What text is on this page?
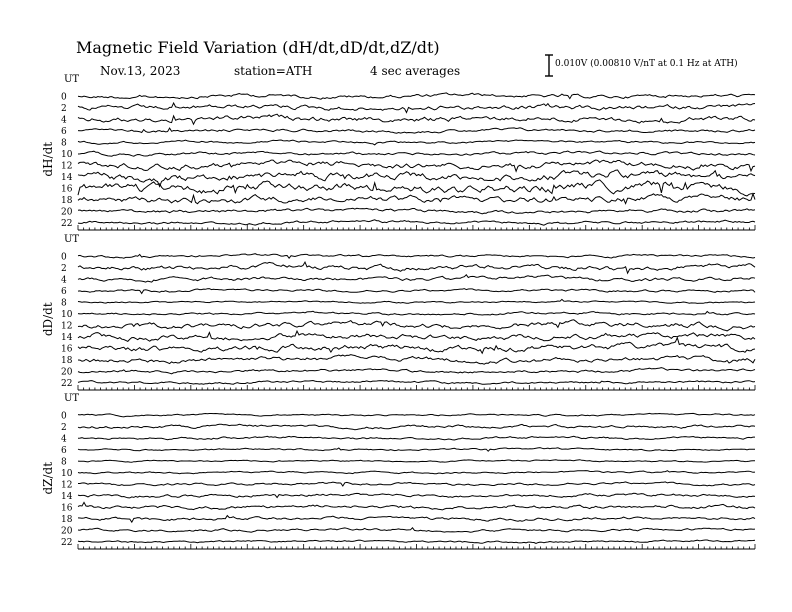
Magnetic Field Variation (dH/dt,dD/dt,dZ/dt)
Nov.13, 2023	station=ATH	4 sec averages	0.010V (0.00810 V/nT at 0.1 Hz at ATH)
UT
dH/dt
0
2
4
6
8
10
12
14
16
18
20
22
UT
dD/dt
0
2
4
6
8
10
12
14
16
18
20
22
UT
dZ/dt
0
2
4
6
8
10
12
14
16
18
20
22
